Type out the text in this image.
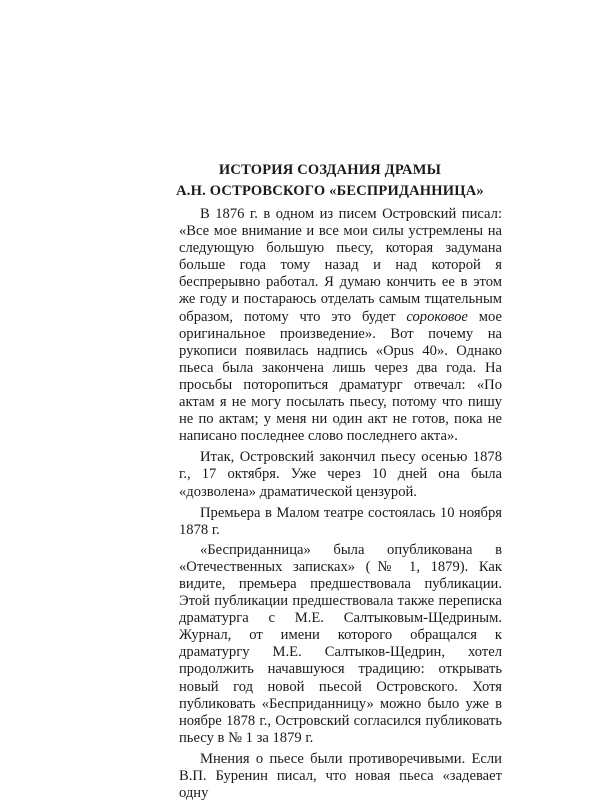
ИСТОРИЯ СОЗДАНИЯ ДРАМЫ
А.Н. ОСТРОВСКОГО «БЕСПРИДАННИЦА»

В 1876 г. в одном из писем Островский писал: «Все мое внимание и все мои силы устремлены на следующую большую пьесу, которая задумана больше года тому назад и над которой я беспрерывно работал. Я думаю кончить ее в этом же году и постараюсь отделать самым тщательным образом, потому что это будет сороковое мое оригинальное произведение». Вот почему на рукописи появилась надпись «Opus 40». Однако пьеса была закончена лишь через два года. На просьбы поторопиться драматург отвечал: «По актам я не могу посылать пьесу, потому что пишу не по актам; у меня ни один акт не готов, пока не написано последнее слово последнего акта».

Итак, Островский закончил пьесу осенью 1878 г., 17 октября. Уже через 10 дней она была «дозволена» драматической цензурой.

Премьера в Малом театре состоялась 10 ноября 1878 г.

«Бесприданница» была опубликована в «Отечественных записках» (№ 1, 1879). Как видите, премьера предшествовала публикации. Этой публикации предшествовала также переписка драматурга с М.Е. Салтыковым-Щедриным. Журнал, от имени которого обращался к драматургу М.Е. Салтыков-Щедрин, хотел продолжить начавшуюся традицию: открывать новый год новой пьесой Островского. Хотя публиковать «Бесприданницу» можно было уже в ноябре 1878 г., Островский согласился публиковать пьесу в № 1 за 1879 г.

Мнения о пьесе были противоречивыми. Если В.П. Буренин писал, что новая пьеса «задевает одну
